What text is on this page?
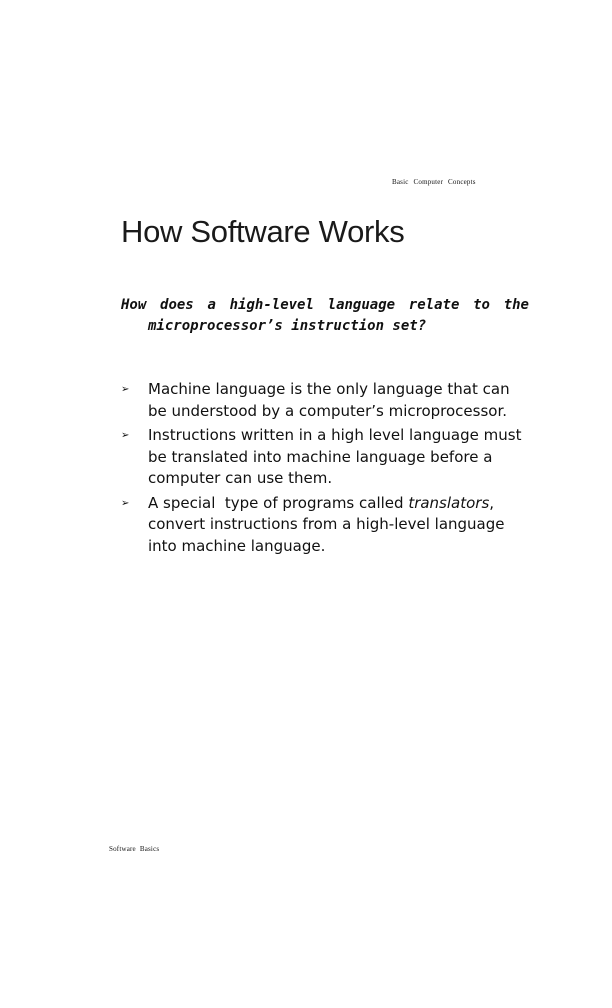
Basic Computer Concepts
How Software Works

How does a high-level language relate to the

microprocessor’s instruction set?

➢ Machine language is the only language that can be understood by a computer’s microprocessor.
➢ Instructions written in a high level language must be translated into machine language before a computer can use them.
➢ A special  type of programs called translators, convert instructions from a high-level language into machine language.
Software Basics
